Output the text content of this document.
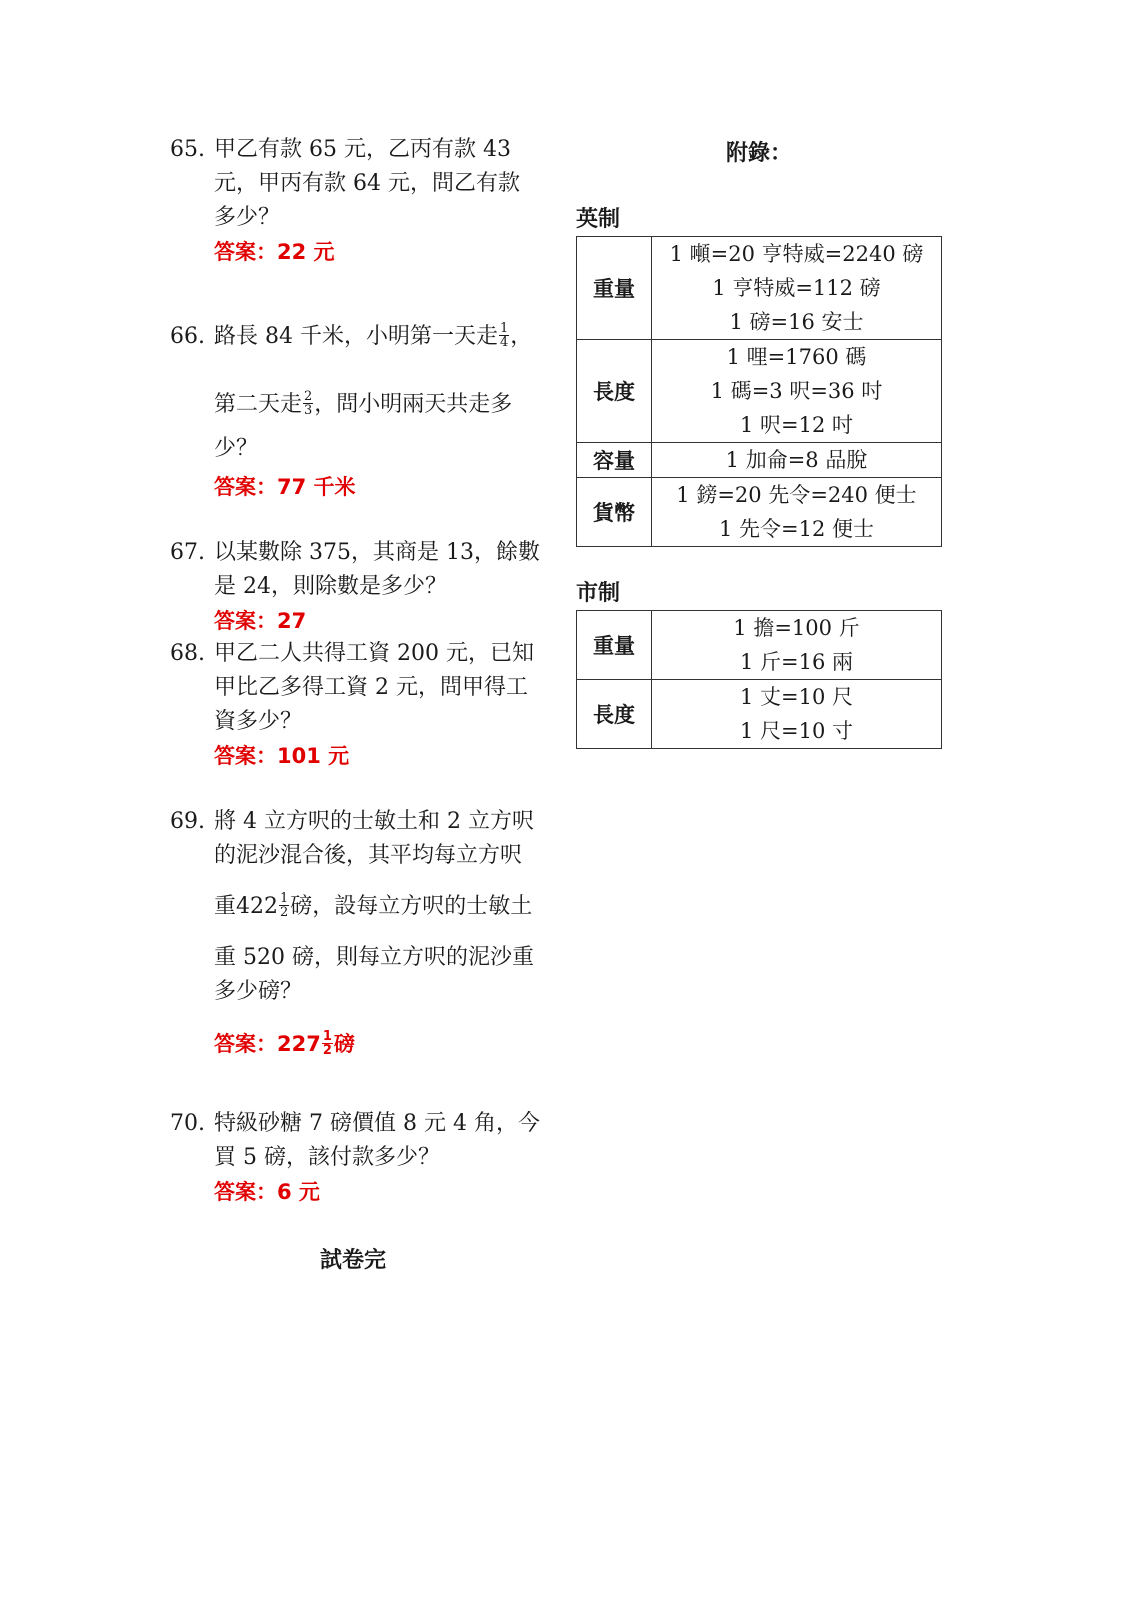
65. 甲乙有款 65 元，乙丙有款 43
元，甲丙有款 64 元，問乙有款
多少？
答案：22 元
66. 路長 84 千米，小明第一天走 $\frac{1}{4}$ ，
第二天走 $\frac{2}{3}$ ，問小明兩天共走多
少？
答案：77 千米
67. 以某數除 375，其商是 13，餘數
是 24，則除數是多少？
答案：27
68. 甲乙二人共得工資 200 元，已知
甲比乙多得工資 2 元，問甲得工
資多少？
答案：101 元
69. 將 4 立方呎的士敏土和 2 立方呎
的泥沙混合後，其平均每立方呎
重$422 \frac{1}{2}$ 磅，設每立方呎的士敏土
重 520 磅，則每立方呎的泥沙重
多少磅？
答案：$227 \frac{1}{2}$ 磅
70. 特級砂糖 7 磅價值 8 元 4 角，今
買 5 磅，該付款多少？
答案：6 元
試卷完
附錄：
英制
重量	1 噸=20 亨特威=2240 磅
1 亨特威=112 磅
1 磅=16 安士

長度	1 哩=1760 碼
1 碼=3 呎=36 吋
1 呎=12 吋

容量	1 加侖=8 品脫

貨幣	1 鎊=20 先令=240 便士
1 先令=12 便士
市制
重量	1 擔=100 斤
1 斤=16 兩

長度	1 丈=10 尺
1 尺=10 寸
